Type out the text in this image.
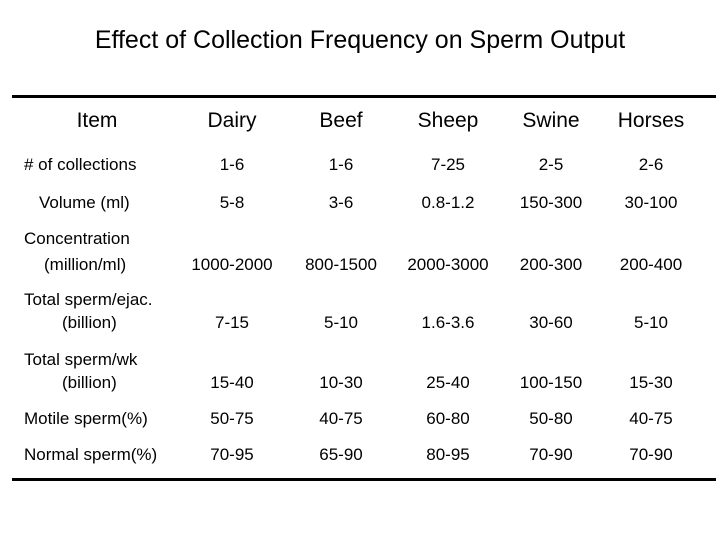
Effect of Collection Frequency on Sperm Output
Item	Dairy	Beef	Sheep Swine Horses
# of collections	1-6	1-6	7-25	2-5	2-6
Volume (ml)	5-8	3-6	0.8-1.2	150-300 30-100
Concentration
(million/ml)	1000-2000 800-1500 2000-3000 200-300 200-400
Total sperm/ejac.
(billion)	7-15	5-10	1.6-3.6	30-60	5-10
Total sperm/wk
(billion)	15-40	10-30	25-40	100-150	15-30
Motile sperm(%)	50-75	40-75	60-80	50-80	40-75
Normal sperm(%)	70-95	65-90	80-95	70-90	70-90
